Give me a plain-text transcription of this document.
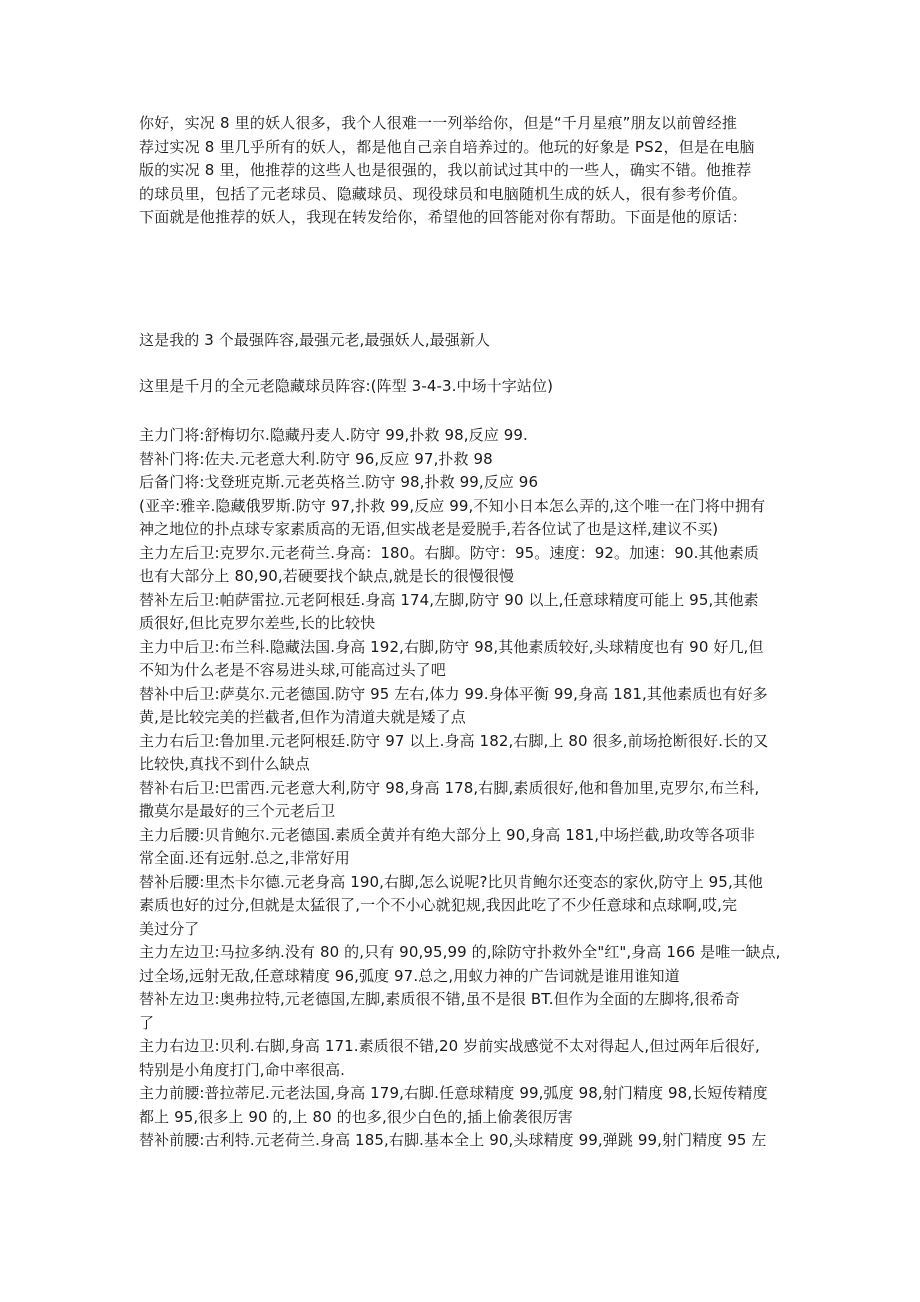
你好，实况 8 里的妖人很多，我个人很难一一列举给你，但是“千月星痕”朋友以前曾经推

荐过实况 8 里几乎所有的妖人，都是他自己亲自培养过的。他玩的好象是 PS2，但是在电脑

版的实况 8 里，他推荐的这些人也是很强的，我以前试过其中的一些人，确实不错。他推荐

的球员里，包括了元老球员、隐藏球员、现役球员和电脑随机生成的妖人，很有参考价值。

下面就是他推荐的妖人，我现在转发给你，希望他的回答能对你有帮助。下面是他的原话：

这是我的 3 个最强阵容,最强元老,最强妖人,最强新人

这里是千月的全元老隐藏球员阵容:(阵型 3-4-3.中场十字站位)

主力门将:舒梅切尔.隐藏丹麦人.防守 99,扑救 98,反应 99.

替补门将:佐夫.元老意大利.防守 96,反应 97,扑救 98

后备门将:戈登班克斯.元老英格兰.防守 98,扑救 99,反应 96

(亚辛:雅辛.隐藏俄罗斯.防守 97,扑救 99,反应 99,不知小日本怎么弄的,这个唯一在门将中拥有

神之地位的扑点球专家素质高的无语,但实战老是爱脱手,若各位试了也是这样,建议不买)

主力左后卫:克罗尔.元老荷兰.身高：180。右脚。防守：95。速度：92。加速：90.其他素质

也有大部分上 80,90,若硬要找个缺点,就是长的很慢很慢

替补左后卫:帕萨雷拉.元老阿根廷.身高 174,左脚,防守 90 以上,任意球精度可能上 95,其他素

质很好,但比克罗尔差些,长的比较快

主力中后卫:布兰科.隐藏法国.身高 192,右脚,防守 98,其他素质较好,头球精度也有 90 好几,但

不知为什么老是不容易进头球,可能高过头了吧

替补中后卫:萨莫尔.元老德国.防守 95 左右,体力 99.身体平衡 99,身高 181,其他素质也有好多

黄,是比较完美的拦截者,但作为清道夫就是矮了点

主力右后卫:鲁加里.元老阿根廷.防守 97 以上.身高 182,右脚,上 80 很多,前场抢断很好.长的又

比较快,真找不到什么缺点

替补右后卫:巴雷西.元老意大利,防守 98,身高 178,右脚,素质很好,他和鲁加里,克罗尔,布兰科,

撒莫尔是最好的三个元老后卫

主力后腰:贝肯鲍尔.元老德国.素质全黄并有绝大部分上 90,身高 181,中场拦截,助攻等各项非

常全面.还有远射.总之,非常好用

替补后腰:里杰卡尔德.元老身高 190,右脚,怎么说呢?比贝肯鲍尔还变态的家伙,防守上 95,其他

素质也好的过分,但就是太猛很了,一个不小心就犯规,我因此吃了不少任意球和点球啊,哎,完

美过分了

主力左边卫:马拉多纳.没有 80 的,只有 90,95,99 的,除防守扑救外全"红",身高 166 是唯一缺点,

过全场,远射无敌,任意球精度 96,弧度 97.总之,用蚁力神的广告词就是谁用谁知道

替补左边卫:奥弗拉特,元老德国,左脚,素质很不错,虽不是很 BT.但作为全面的左脚将,很希奇

了

主力右边卫:贝利.右脚,身高 171.素质很不错,20 岁前实战感觉不太对得起人,但过两年后很好,

特别是小角度打门,命中率很高.

主力前腰:普拉蒂尼.元老法国,身高 179,右脚.任意球精度 99,弧度 98,射门精度 98,长短传精度

都上 95,很多上 90 的,上 80 的也多,很少白色的,插上偷袭很厉害

替补前腰:古利特.元老荷兰.身高 185,右脚.基本全上 90,头球精度 99,弹跳 99,射门精度 95 左
